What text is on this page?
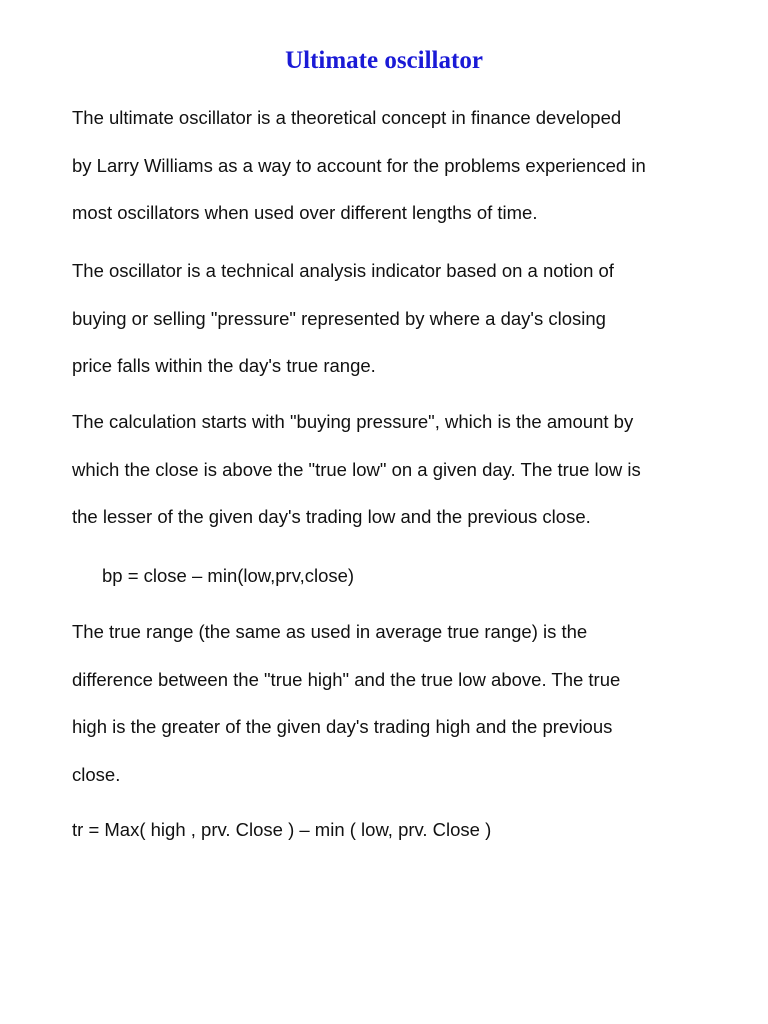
Ultimate oscillator

The ultimate oscillator is a theoretical concept in finance developed
by Larry Williams as a way to account for the problems experienced in
most oscillators when used over different lengths of time.

The oscillator is a technical analysis indicator based on a notion of
buying or selling "pressure" represented by where a day's closing
price falls within the day's true range.

The calculation starts with "buying pressure", which is the amount by
which the close is above the "true low" on a given day. The true low is
the lesser of the given day's trading low and the previous close.

bp = close – min(low,prv,close)

The true range (the same as used in average true range) is the
difference between the "true high" and the true low above. The true
high is the greater of the given day's trading high and the previous
close.

tr = Max( high , prv. Close ) – min ( low, prv. Close )
